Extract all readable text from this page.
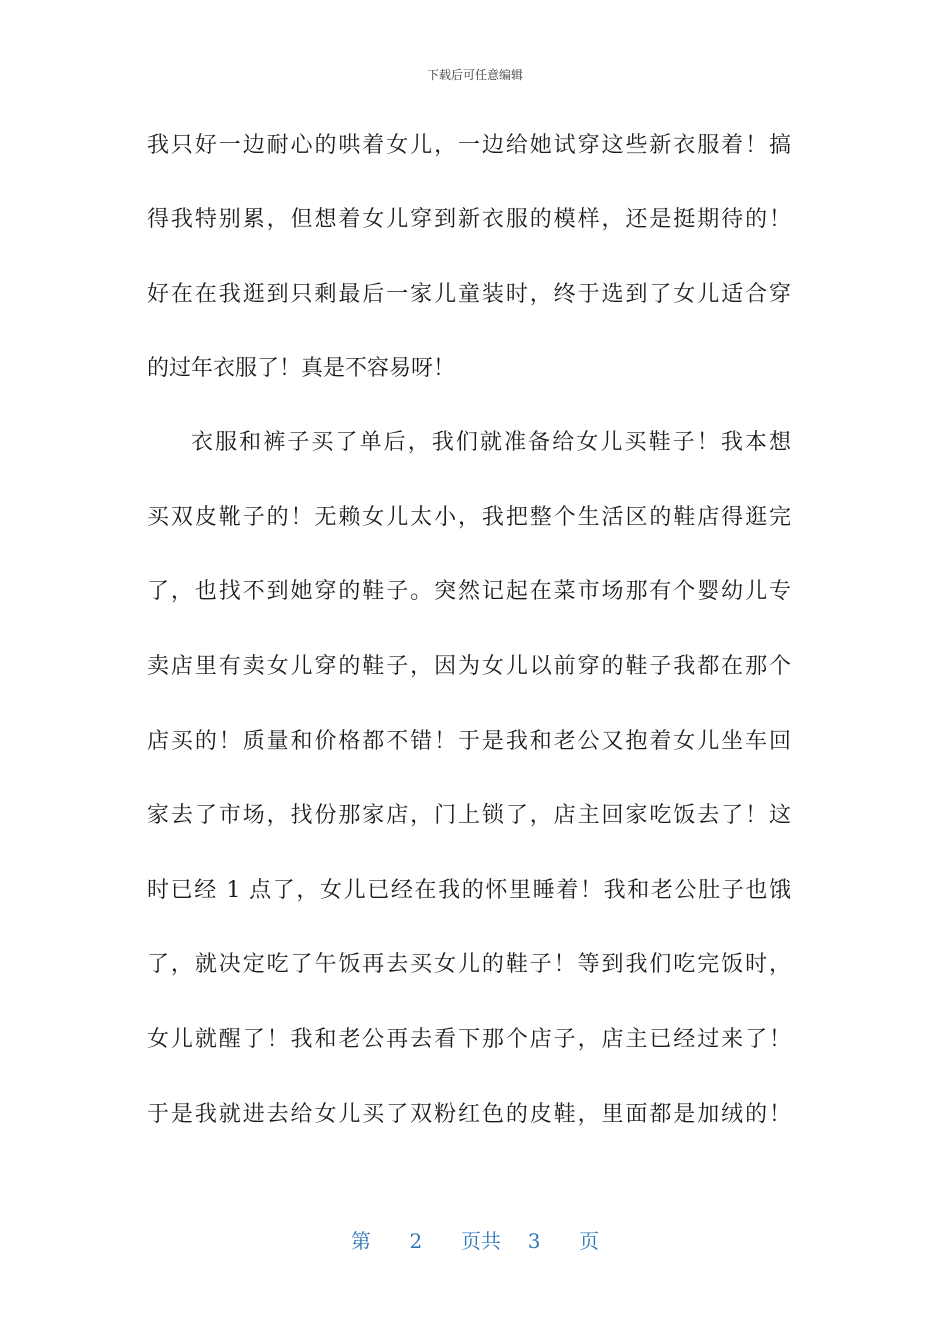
下载后可任意编辑
我只好一边耐心的哄着女儿，一边给她试穿这些新衣服着！搞
得我特别累，但想着女儿穿到新衣服的模样，还是挺期待的！
好在在我逛到只剩最后一家儿童装时，终于选到了女儿适合穿
的过年衣服了！真是不容易呀！
衣服和裤子买了单后，我们就准备给女儿买鞋子！我本想
买双皮靴子的！无赖女儿太小，我把整个生活区的鞋店得逛完
了，也找不到她穿的鞋子。突然记起在菜市场那有个婴幼儿专
卖店里有卖女儿穿的鞋子，因为女儿以前穿的鞋子我都在那个
店买的！质量和价格都不错！于是我和老公又抱着女儿坐车回
家去了市场，找份那家店，门上锁了，店主回家吃饭去了！这
时已经 1 点了，女儿已经在我的怀里睡着！我和老公肚子也饿
了，就决定吃了午饭再去买女儿的鞋子！等到我们吃完饭时，
女儿就醒了！我和老公再去看下那个店子，店主已经过来了！
于是我就进去给女儿买了双粉红色的皮鞋，里面都是加绒的！
第 2 页共 3 页
